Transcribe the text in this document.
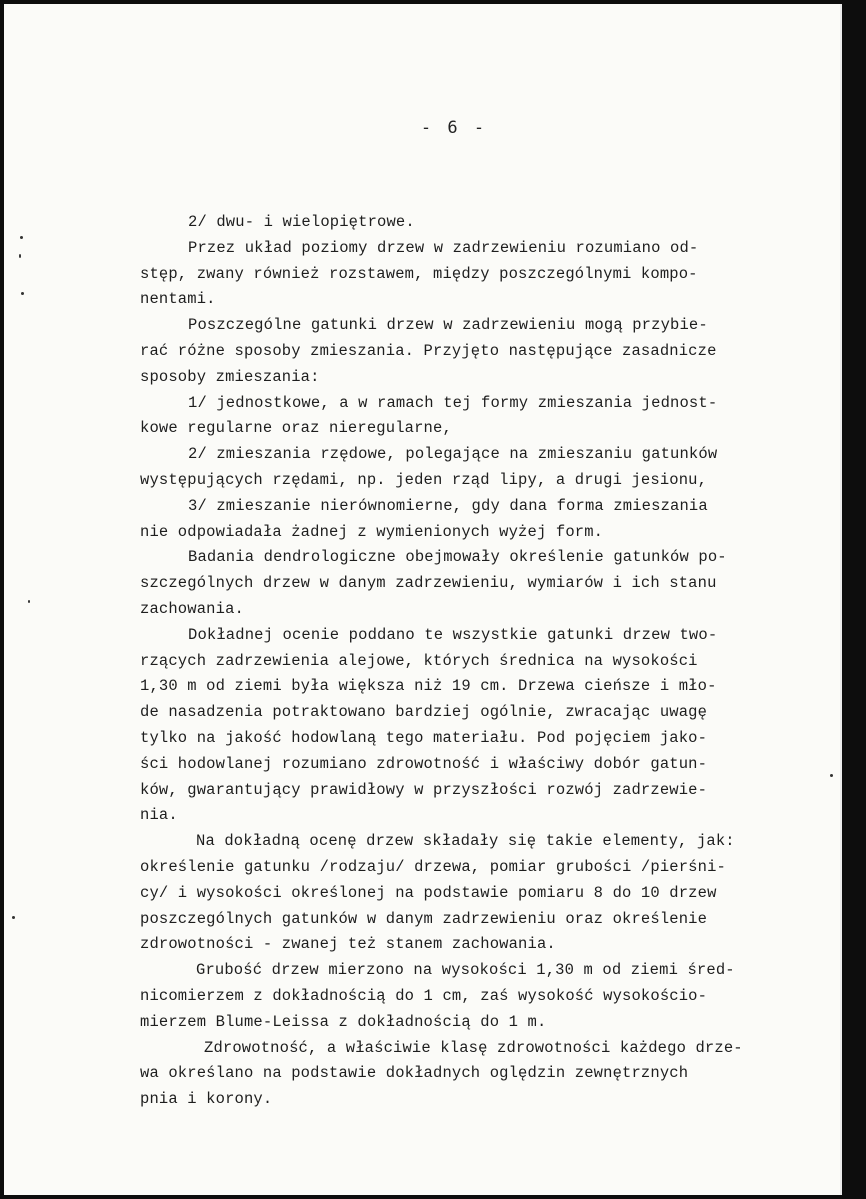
- 6 -
2/ dwu- i wielopiętrowe.
Przez układ poziomy drzew w zadrzewieniu rozumiano od-
stęp, zwany również rozstawem, między poszczególnymi kompo-
nentami.
Poszczególne gatunki drzew w zadrzewieniu mogą przybie-
rać różne sposoby zmieszania. Przyjęto następujące zasadnicze
sposoby zmieszania:
1/ jednostkowe, a w ramach tej formy zmieszania jednost-
kowe regularne oraz nieregularne,
2/ zmieszania rzędowe, polegające na zmieszaniu gatunków
występujących rzędami, np. jeden rząd lipy, a drugi jesionu,
3/ zmieszanie nierównomierne, gdy dana forma zmieszania
nie odpowiadała żadnej z wymienionych wyżej form.
Badania dendrologiczne obejmowały określenie gatunków po-
szczególnych drzew w danym zadrzewieniu, wymiarów i ich stanu
zachowania.
Dokładnej ocenie poddano te wszystkie gatunki drzew two-
rzących zadrzewienia alejowe, których średnica na wysokości
1,30 m od ziemi była większa niż 19 cm. Drzewa cieńsze i mło-
de nasadzenia potraktowano bardziej ogólnie, zwracając uwagę
tylko na jakość hodowlaną tego materiału. Pod pojęciem jako-
ści hodowlanej rozumiano zdrowotność i właściwy dobór gatun-
ków, gwarantujący prawidłowy w przyszłości rozwój zadrzewie-
nia.
Na dokładną ocenę drzew składały się takie elementy, jak:
określenie gatunku /rodzaju/ drzewa, pomiar grubości /pierśni-
cy/ i wysokości określonej na podstawie pomiaru 8 do 10 drzew
poszczególnych gatunków w danym zadrzewieniu oraz określenie
zdrowotności - zwanej też stanem zachowania.
Grubość drzew mierzono na wysokości 1,30 m od ziemi śred-
nicomierzem z dokładnością do 1 cm, zaś wysokość wysokościo-
mierzem Blume-Leissa z dokładnością do 1 m.
Zdrowotność, a właściwie klasę zdrowotności każdego drze-
wa określano na podstawie dokładnych oględzin zewnętrznych
pnia i korony.
